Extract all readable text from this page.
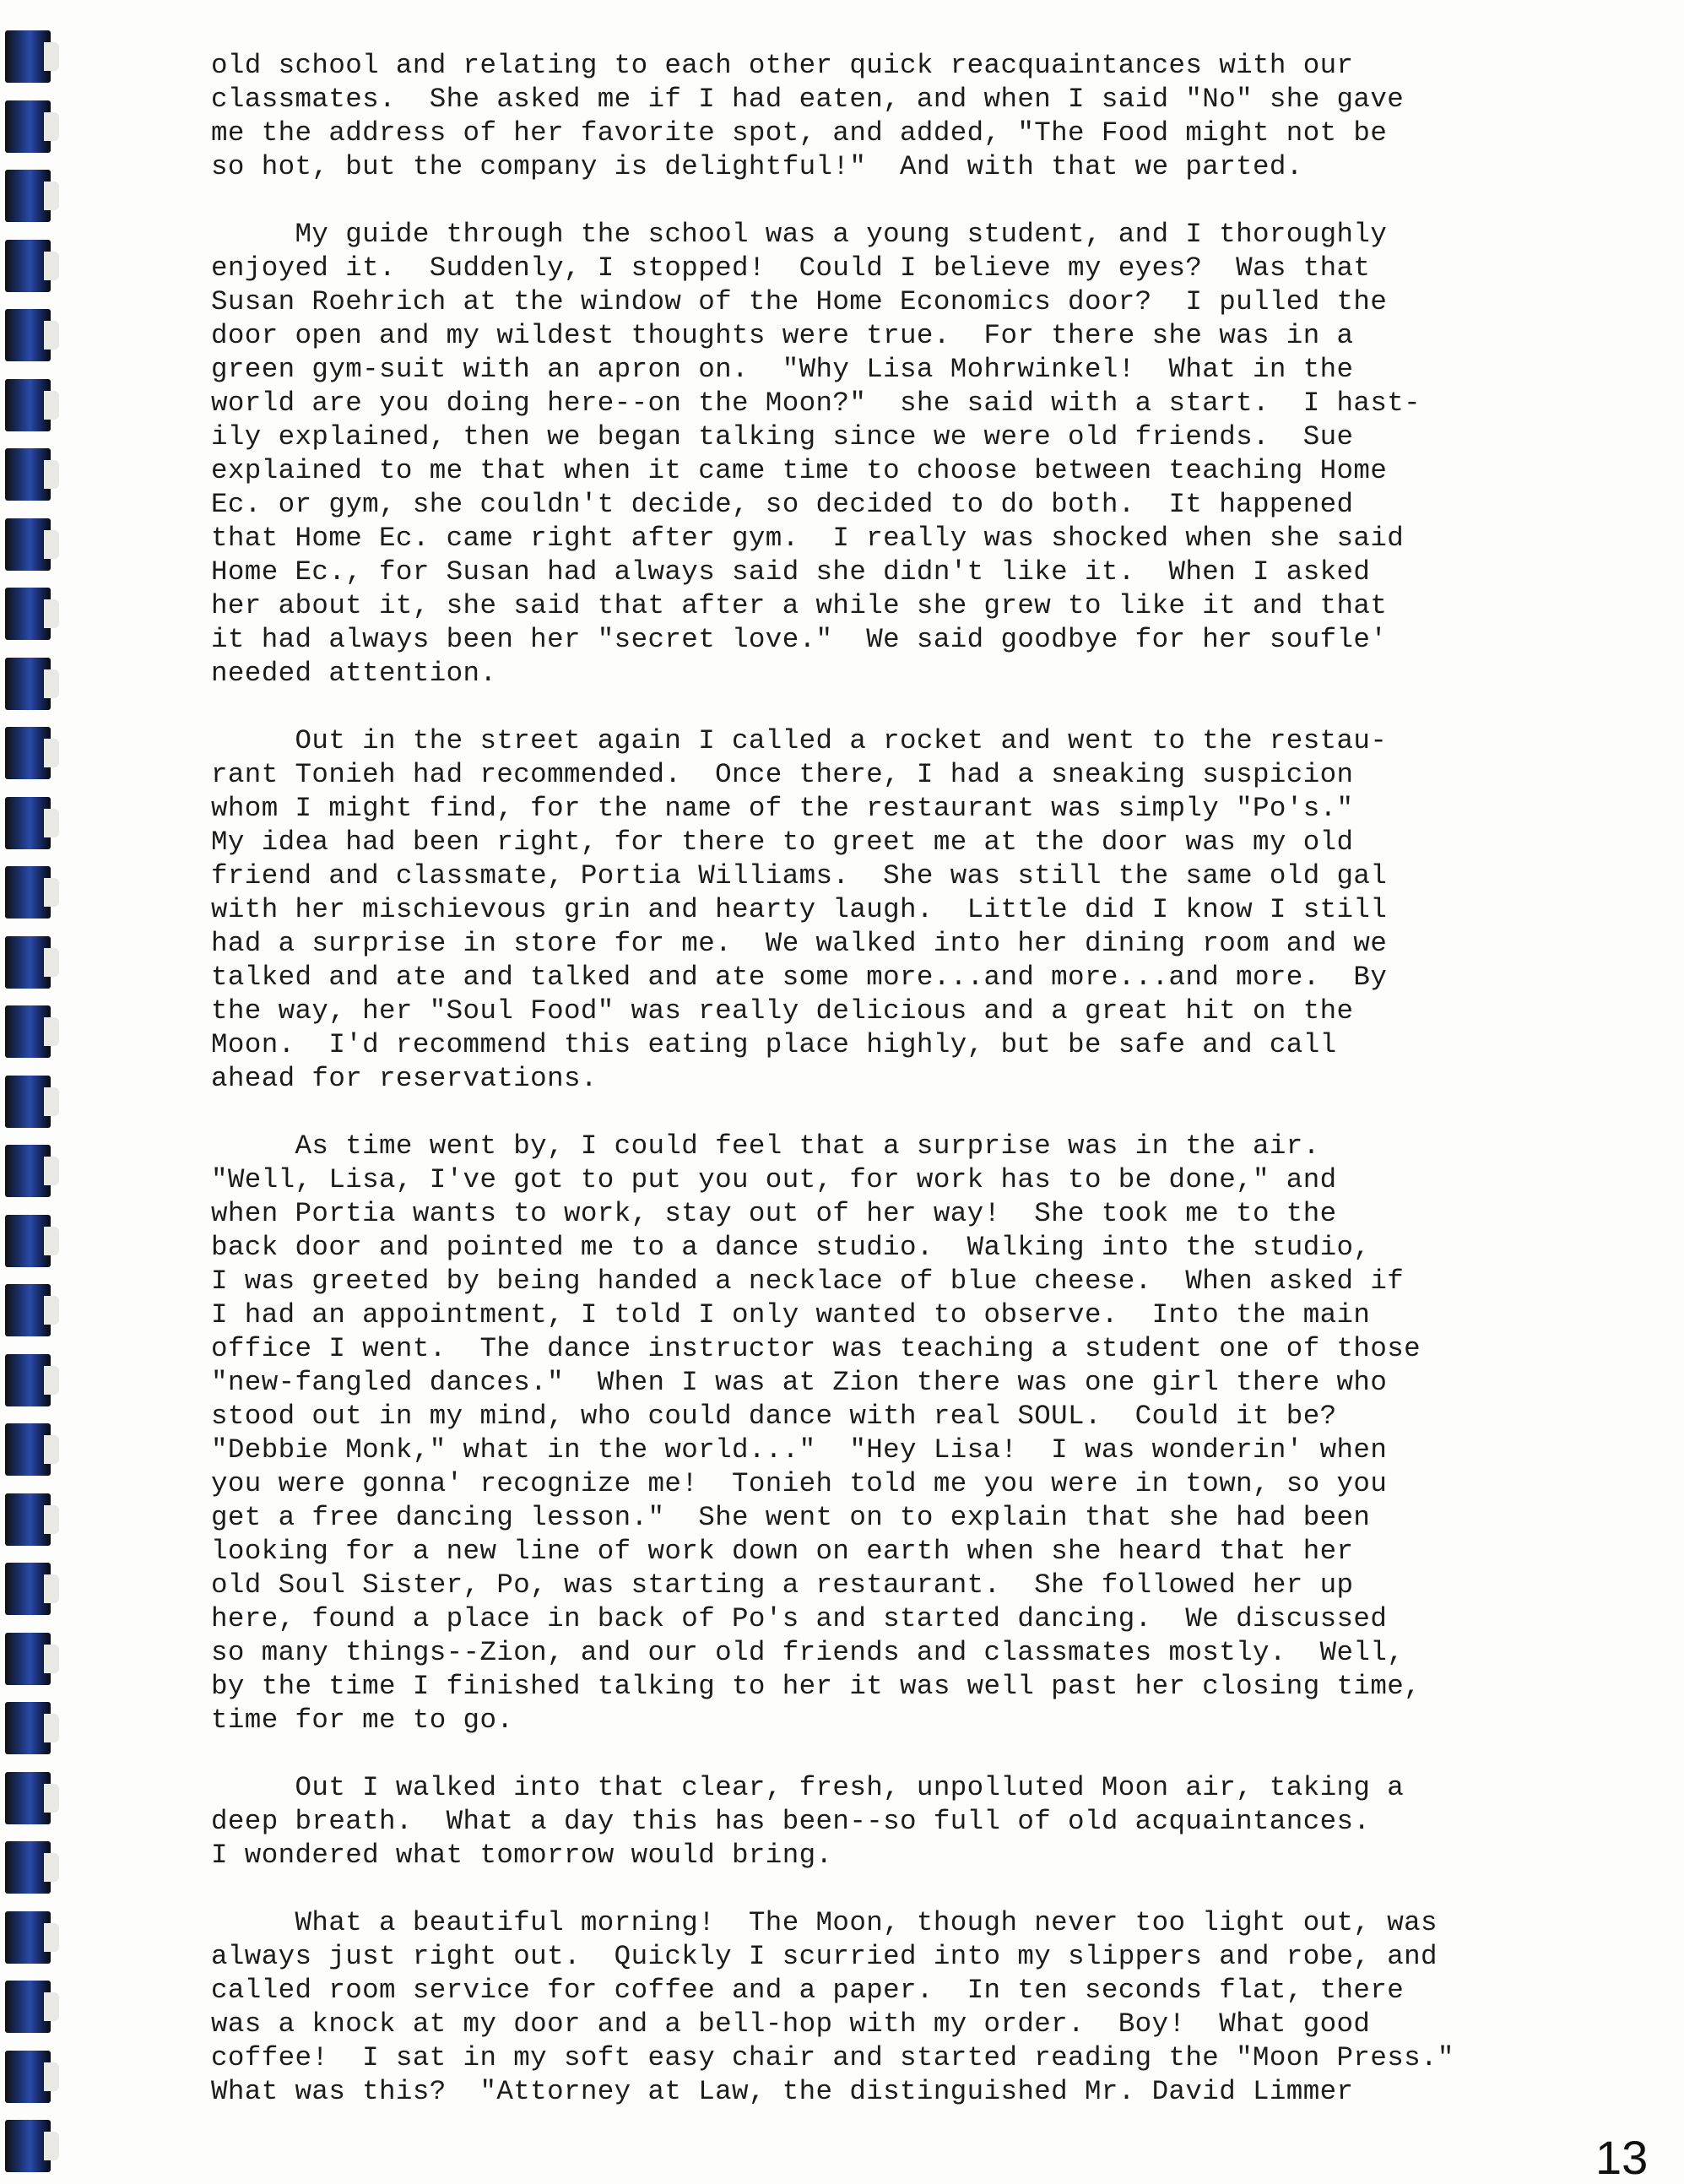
old school and relating to each other quick reacquaintances with our
classmates.  She asked me if I had eaten, and when I said "No" she gave
me the address of her favorite spot, and added, "The Food might not be
so hot, but the company is delightful!"  And with that we parted.
My guide through the school was a young student, and I thoroughly
enjoyed it.  Suddenly, I stopped!  Could I believe my eyes?  Was that
Susan Roehrich at the window of the Home Economics door?  I pulled the
door open and my wildest thoughts were true.  For there she was in a
green gym-suit with an apron on.  "Why Lisa Mohrwinkel!  What in the
world are you doing here--on the Moon?"  she said with a start.  I hast-
ily explained, then we began talking since we were old friends.  Sue
explained to me that when it came time to choose between teaching Home
Ec. or gym, she couldn't decide, so decided to do both.  It happened
that Home Ec. came right after gym.  I really was shocked when she said
Home Ec., for Susan had always said she didn't like it.  When I asked
her about it, she said that after a while she grew to like it and that
it had always been her "secret love."  We said goodbye for her soufle'
needed attention.
Out in the street again I called a rocket and went to the restau-
rant Tonieh had recommended.  Once there, I had a sneaking suspicion
whom I might find, for the name of the restaurant was simply "Po's."
My idea had been right, for there to greet me at the door was my old
friend and classmate, Portia Williams.  She was still the same old gal
with her mischievous grin and hearty laugh.  Little did I know I still
had a surprise in store for me.  We walked into her dining room and we
talked and ate and talked and ate some more...and more...and more.  By
the way, her "Soul Food" was really delicious and a great hit on the
Moon.  I'd recommend this eating place highly, but be safe and call
ahead for reservations.
As time went by, I could feel that a surprise was in the air.
"Well, Lisa, I've got to put you out, for work has to be done," and
when Portia wants to work, stay out of her way!  She took me to the
back door and pointed me to a dance studio.  Walking into the studio,
I was greeted by being handed a necklace of blue cheese.  When asked if
I had an appointment, I told I only wanted to observe.  Into the main
office I went.  The dance instructor was teaching a student one of those
"new-fangled dances."  When I was at Zion there was one girl there who
stood out in my mind, who could dance with real SOUL.  Could it be?
"Debbie Monk," what in the world..."  "Hey Lisa!  I was wonderin' when
you were gonna' recognize me!  Tonieh told me you were in town, so you
get a free dancing lesson."  She went on to explain that she had been
looking for a new line of work down on earth when she heard that her
old Soul Sister, Po, was starting a restaurant.  She followed her up
here, found a place in back of Po's and started dancing.  We discussed
so many things--Zion, and our old friends and classmates mostly.  Well,
by the time I finished talking to her it was well past her closing time,
time for me to go.
Out I walked into that clear, fresh, unpolluted Moon air, taking a
deep breath.  What a day this has been--so full of old acquaintances.
I wondered what tomorrow would bring.
What a beautiful morning!  The Moon, though never too light out, was
always just right out.  Quickly I scurried into my slippers and robe, and
called room service for coffee and a paper.  In ten seconds flat, there
was a knock at my door and a bell-hop with my order.  Boy!  What good
coffee!  I sat in my soft easy chair and started reading the "Moon Press."
What was this?  "Attorney at Law, the distinguished Mr. David Limmer
13
